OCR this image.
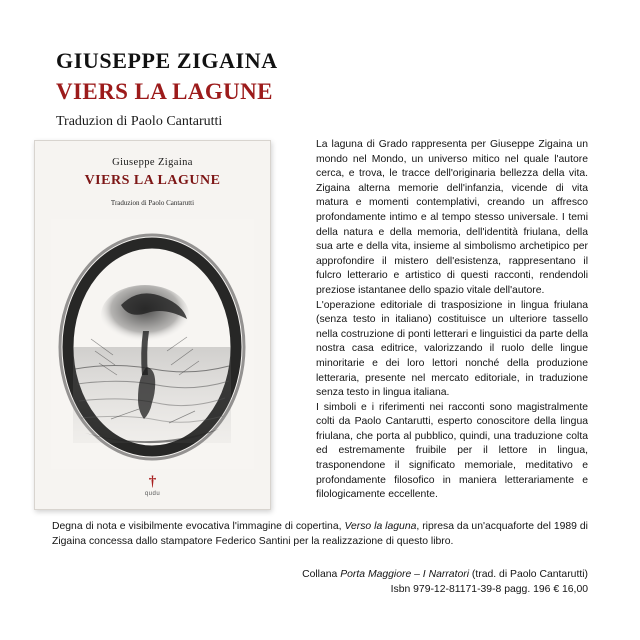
GIUSEPPE ZIGAINA
VIERS LA LAGUNE
Traduzion di Paolo Cantarutti
Giuseppe Zigaina
VIERS LA LAGUNE
Traduzion di Paolo Cantarutti
†
qudu

La laguna di Grado rappresenta per Giuseppe Zigaina un mondo nel Mondo, un universo mitico nel quale l'autore cerca, e trova, le tracce dell'originaria bellezza della vita. Zigaina alterna memorie dell'infanzia, vicende di vita matura e momenti contemplativi, creando un affresco profondamente intimo e al tempo stesso universale. I temi della natura e della memoria, dell'identità friulana, della sua arte e della vita, insieme al simbolismo archetipico per approfondire il mistero dell'esistenza, rappresentano il fulcro letterario e artistico di questi racconti, rendendoli preziose istantanee dello spazio vitale dell'autore.

L'operazione editoriale di trasposizione in lingua friulana (senza testo in italiano) costituisce un ulteriore tassello nella costruzione di ponti letterari e linguistici da parte della nostra casa editrice, valorizzando il ruolo delle lingue minoritarie e dei loro lettori nonché della produzione letteraria, presente nel mercato editoriale, in traduzione senza testo in lingua italiana.

I simboli e i riferimenti nei racconti sono magistralmente colti da Paolo Cantarutti, esperto conoscitore della lingua friulana, che porta al pubblico, quindi, una traduzione colta ed estremamente fruibile per il lettore in lingua, trasponendone il significato memoriale, meditativo e profondamente filosofico in maniera letterariamente e filologicamente eccellente.

Degna di nota e visibilmente evocativa l'immagine di copertina, Verso la laguna, ripresa da un'acquaforte del 1989 di Zigaina concessa dallo stampatore Federico Santini per la realizzazione di questo libro.
Collana Porta Maggiore – I Narratori (trad. di Paolo Cantarutti)
Isbn 979-12-81171-39-8 pagg. 196 € 16,00
